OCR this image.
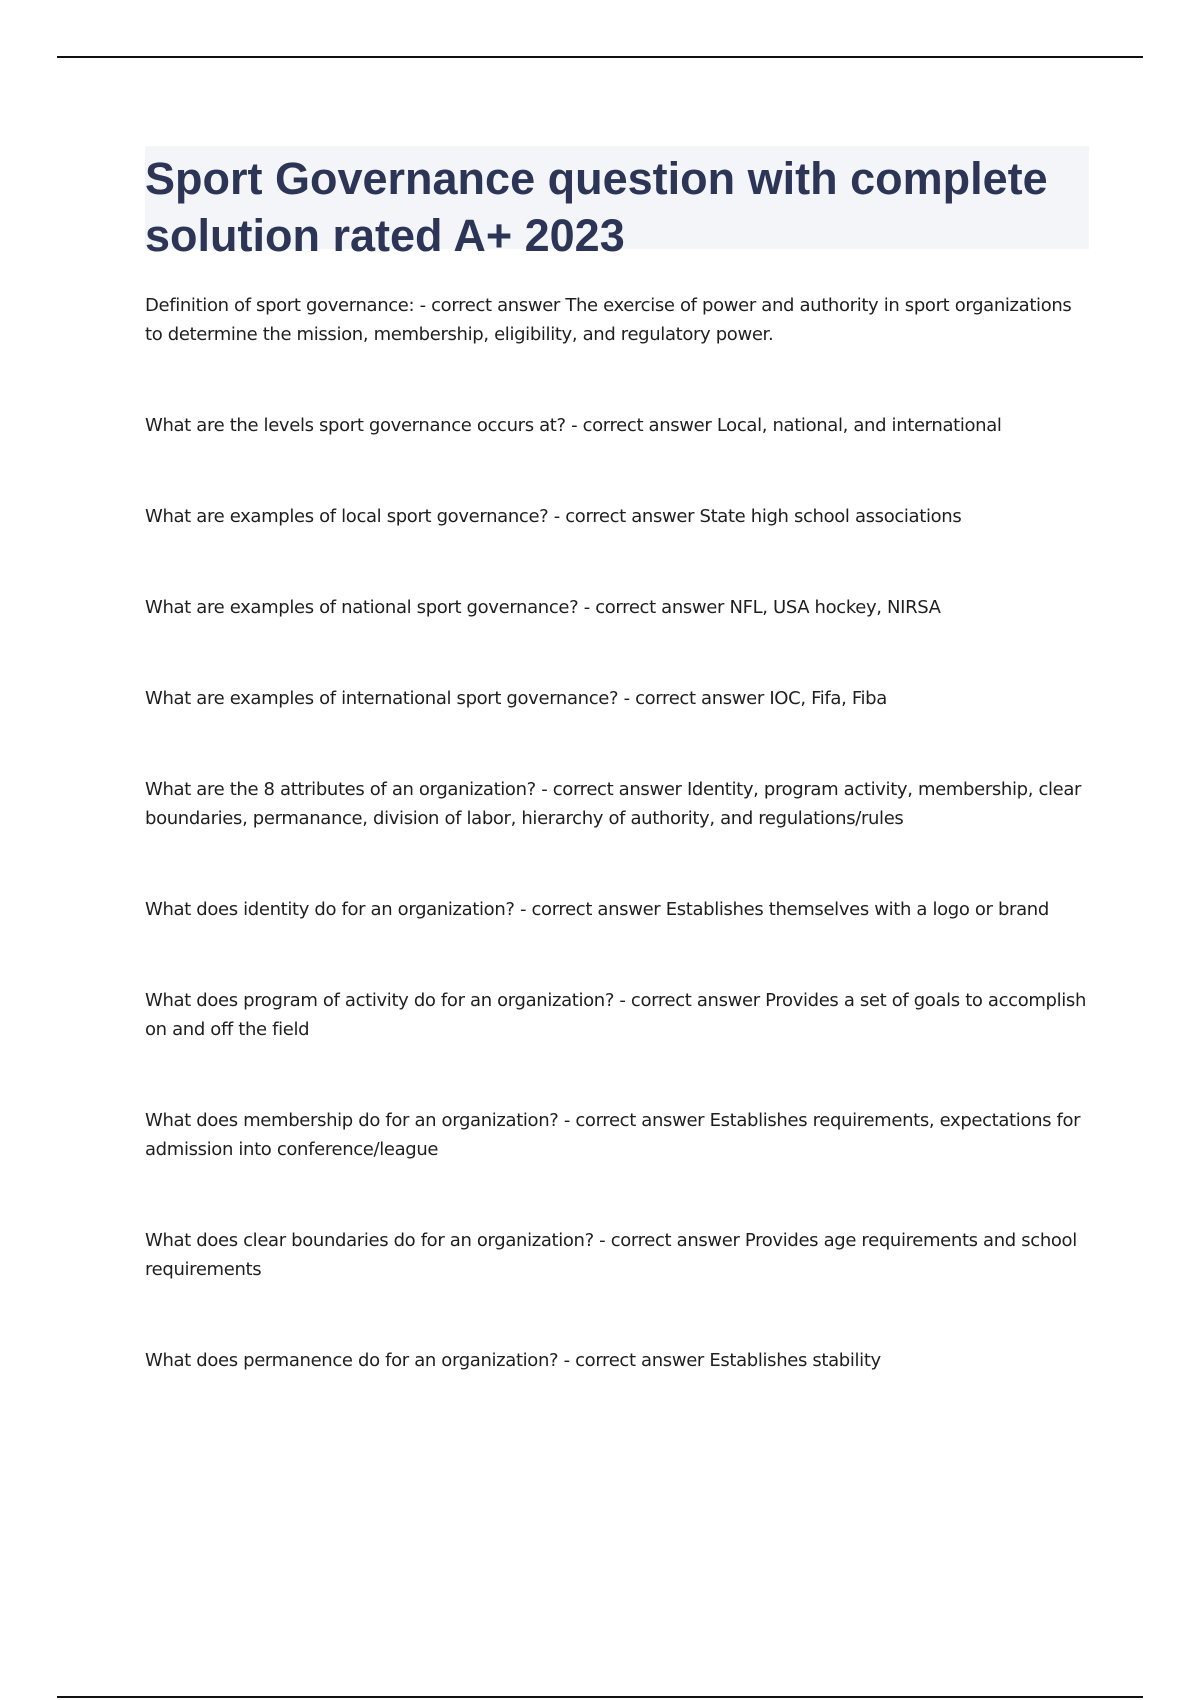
Sport Governance question with complete solution rated A+ 2023
Definition of sport governance: - correct answer The exercise of power and authority in sport organizations to determine the mission, membership, eligibility, and regulatory power.
What are the levels sport governance occurs at? - correct answer Local, national, and international
What are examples of local sport governance? - correct answer State high school associations
What are examples of national sport governance? - correct answer NFL, USA hockey, NIRSA
What are examples of international sport governance? - correct answer IOC, Fifa, Fiba
What are the 8 attributes of an organization? - correct answer Identity, program activity, membership, clear boundaries, permanance, division of labor, hierarchy of authority, and regulations/rules
What does identity do for an organization? - correct answer Establishes themselves with a logo or brand
What does program of activity do for an organization? - correct answer Provides a set of goals to accomplish on and off the field
What does membership do for an organization? - correct answer Establishes requirements, expectations for admission into conference/league
What does clear boundaries do for an organization? - correct answer Provides age requirements and school requirements
What does permanence do for an organization? - correct answer Establishes stability
